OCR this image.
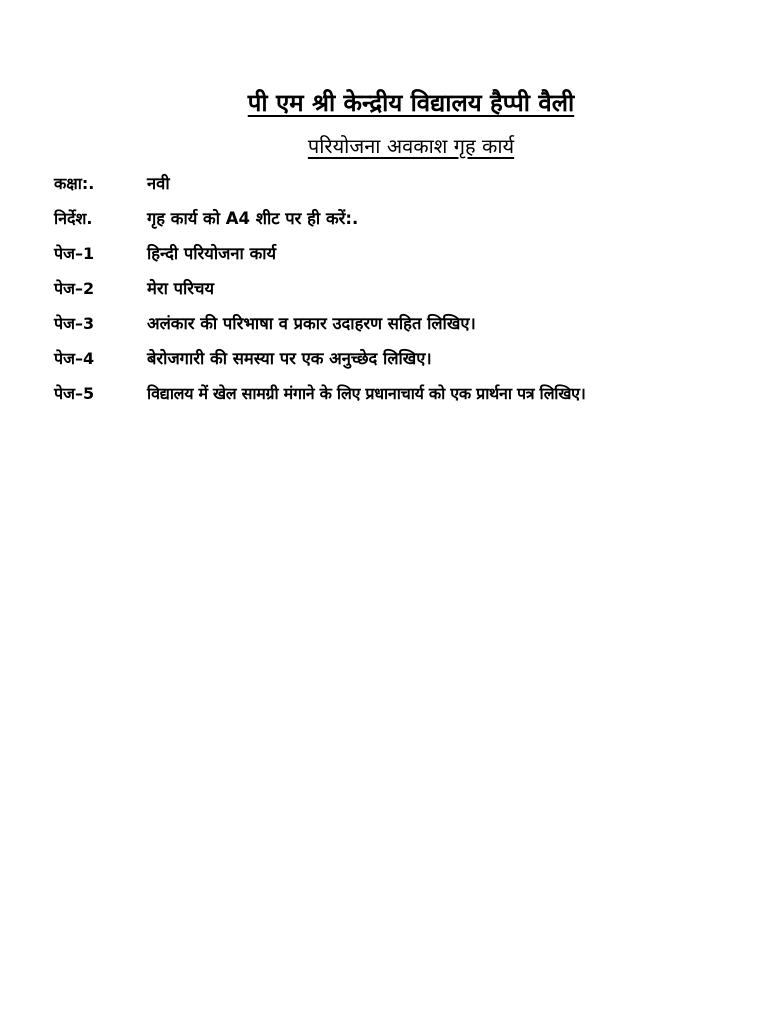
पी एम श्री केन्द्रीय विद्यालय हैप्पी वैली
परियोजना अवकाश गृह कार्य
कक्षा:.	नवी
निर्देश.	गृह कार्य को A4 शीट पर ही करें:.
पेज–1	हिन्दी परियोजना कार्य
पेज–2	मेरा परिचय
पेज–3	अलंकार की परिभाषा व प्रकार उदाहरण सहित लिखिए।
पेज–4	बेरोजगारी की समस्या पर एक अनुच्छेद लिखिए।
पेज–5	विद्यालय में खेल सामग्री मंगाने के लिए प्रधानाचार्य को एक प्रार्थना पत्र लिखिए।
